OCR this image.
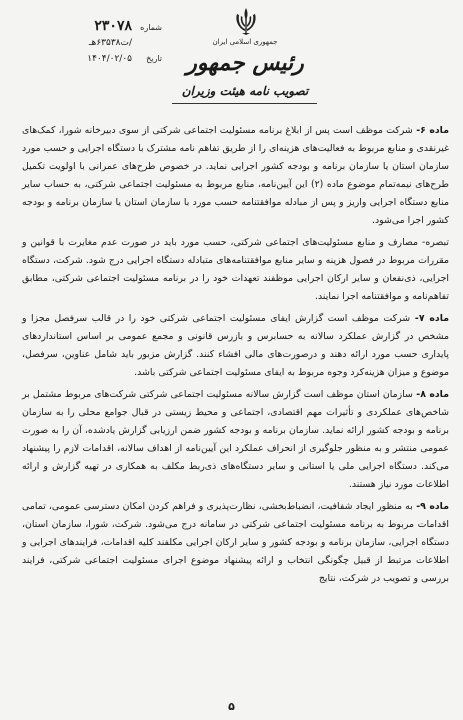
جمهوری اسلامی ایران
رئیس جمهور
تصویب نامه هیئت وزیران
شماره
۲۳۰۷۸
/ت۶۳۵۳۸هـ
تاریخ
۱۴۰۴/۰۲/۰۵

ماده ۶- شرکت موظف است پس از ابلاغ برنامه مسئولیت اجتماعی شرکتی از سوی دبیرخانه شورا، کمک‌های غیرنقدی و منابع مربوط به فعالیت‌های هزینه‌ای را از طریق تفاهم نامه مشترک با دستگاه اجرایی و حسب مورد سازمان استان یا سازمان برنامه و بودجه کشور اجرایی نماید. در خصوص طرح‌های عمرانی با اولویت تکمیل طرح‌های نیمه‌تمام موضوع ماده (۲) این آیین‌نامه، منابع مربوط به مسئولیت اجتماعی شرکتی، به حساب سایر منابع دستگاه اجرایی واریز و پس از مبادله موافقتنامه حسب مورد با سازمان استان یا سازمان برنامه و بودجه کشور اجرا می‌شود.

تبصره- مصارف و منابع مسئولیت‌های اجتماعی شرکتی، حسب مورد باید در صورت عدم مغایرت با قوانین و مقررات مربوط در فصول هزینه و سایر منابع موافقتنامه‌های متبادله دستگاه اجرایی درج شود. شرکت، دستگاه اجرایی، ذی‌نفعان و سایر ارکان اجرایی موظفند تعهدات خود را در برنامه مسئولیت اجتماعی شرکتی، مطابق تفاهم‌نامه و موافقتنامه اجرا نمایند.

ماده ۷- شرکت موظف است گزارش ایفای مسئولیت اجتماعی شرکتی خود را در قالب سرفصل مجزا و مشخص در گزارش عملکرد سالانه به حسابرس و بازرس قانونی و مجمع عمومی بر اساس استانداردهای پایداری حسب مورد ارائه دهند و درصورت‌های مالی افشاء کنند. گزارش مزبور باید شامل عناوین، سرفصل، موضوع و میزان هزینه‌کرد وجوه مربوط به ایفای مسئولیت اجتماعی شرکتی باشد.

ماده ۸- سازمان استان موظف است گزارش سالانه مسئولیت اجتماعی شرکتی شرکت‌های مربوط مشتمل بر شاخص‌های عملکردی و تأثیرات مهم اقتصادی، اجتماعی و محیط زیستی در قبال جوامع محلی را به سازمان برنامه و بودجه کشور ارائه نماید. سازمان برنامه و بودجه کشور ضمن ارزیابی گزارش یادشده، آن را به صورت عمومی منتشر و به منظور جلوگیری از انحراف عملکرد این آیین‌نامه از اهداف سالانه، اقدامات لازم را پیشنهاد می‌کند. دستگاه اجرایی ملی یا استانی و سایر دستگاه‌های ذی‌ربط مکلف به همکاری در تهیه گزارش و ارائه اطلاعات مورد نیاز هستند.

ماده ۹- به منظور ایجاد شفافیت، انضباط‌بخشی، نظارت‌پذیری و فراهم کردن امکان دسترسی عمومی، تمامی اقدامات مربوط به برنامه مسئولیت اجتماعی شرکتی در سامانه درج می‌شود. شرکت، شورا، سازمان استان، دستگاه اجرایی، سازمان برنامه و بودجه کشور و سایر ارکان اجرایی مکلفند کلیه اقدامات، فرایندهای اجرایی و اطلاعات مرتبط از قبیل چگونگی انتخاب و ارائه پیشنهاد موضوع اجرای مسئولیت اجتماعی شرکتی، فرایند بررسی و تصویب در شرکت، نتایج

۵
